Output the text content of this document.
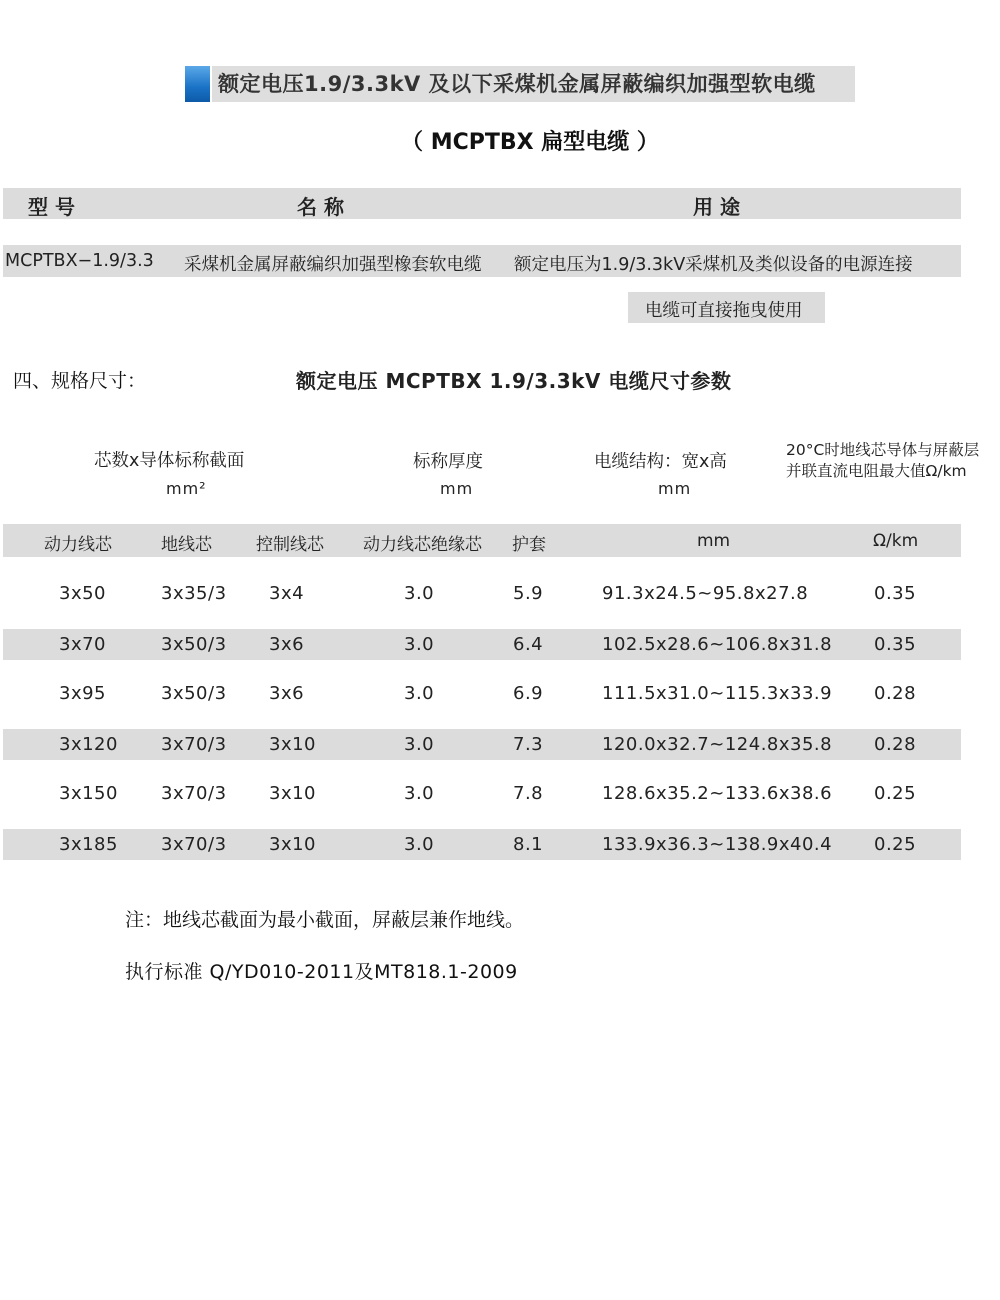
额定电压1.9/3.3kV 及以下采煤机金属屏蔽编织加强型软电缆
（ MCPTBX 扁型电缆 ）
型 号	名 称	用 途
MCPTBX−1.9/3.3 采煤机金属屏蔽编织加强型橡套软电缆 额定电压为1.9/3.3kV采煤机及类似设备的电源连接
电缆可直接拖曳使用
四、规格尺寸：	额定电压 MCPTBX 1.9/3.3kV 电缆尺寸参数
芯数x导体标称截面
mm²
标称厚度
mm
电缆结构：宽x高
mm
20°C时地线芯导体与屏蔽层
并联直流电阻最大值Ω/km
动力线芯	地线芯	控制线芯 动力线芯绝缘芯 护套	mm	Ω/km
3x50	3x35/3 3x4	3.0	5.9	91.3x24.5~95.8x27.8	0.35
3x70	3x50/3 3x6	3.0	6.4	102.5x28.6~106.8x31.8 0.35
3x95	3x50/3 3x6	3.0	6.9	111.5x31.0~115.3x33.9 0.28
3x120 3x70/3 3x10	3.0	7.3	120.0x32.7~124.8x35.8 0.28
3x150 3x70/3 3x10	3.0	7.8	128.6x35.2~133.6x38.6 0.25
3x185 3x70/3 3x10	3.0	8.1	133.9x36.3~138.9x40.4 0.25
注：地线芯截面为最小截面，屏蔽层兼作地线。
执行标准 Q/YD010-2011及MT818.1-2009
